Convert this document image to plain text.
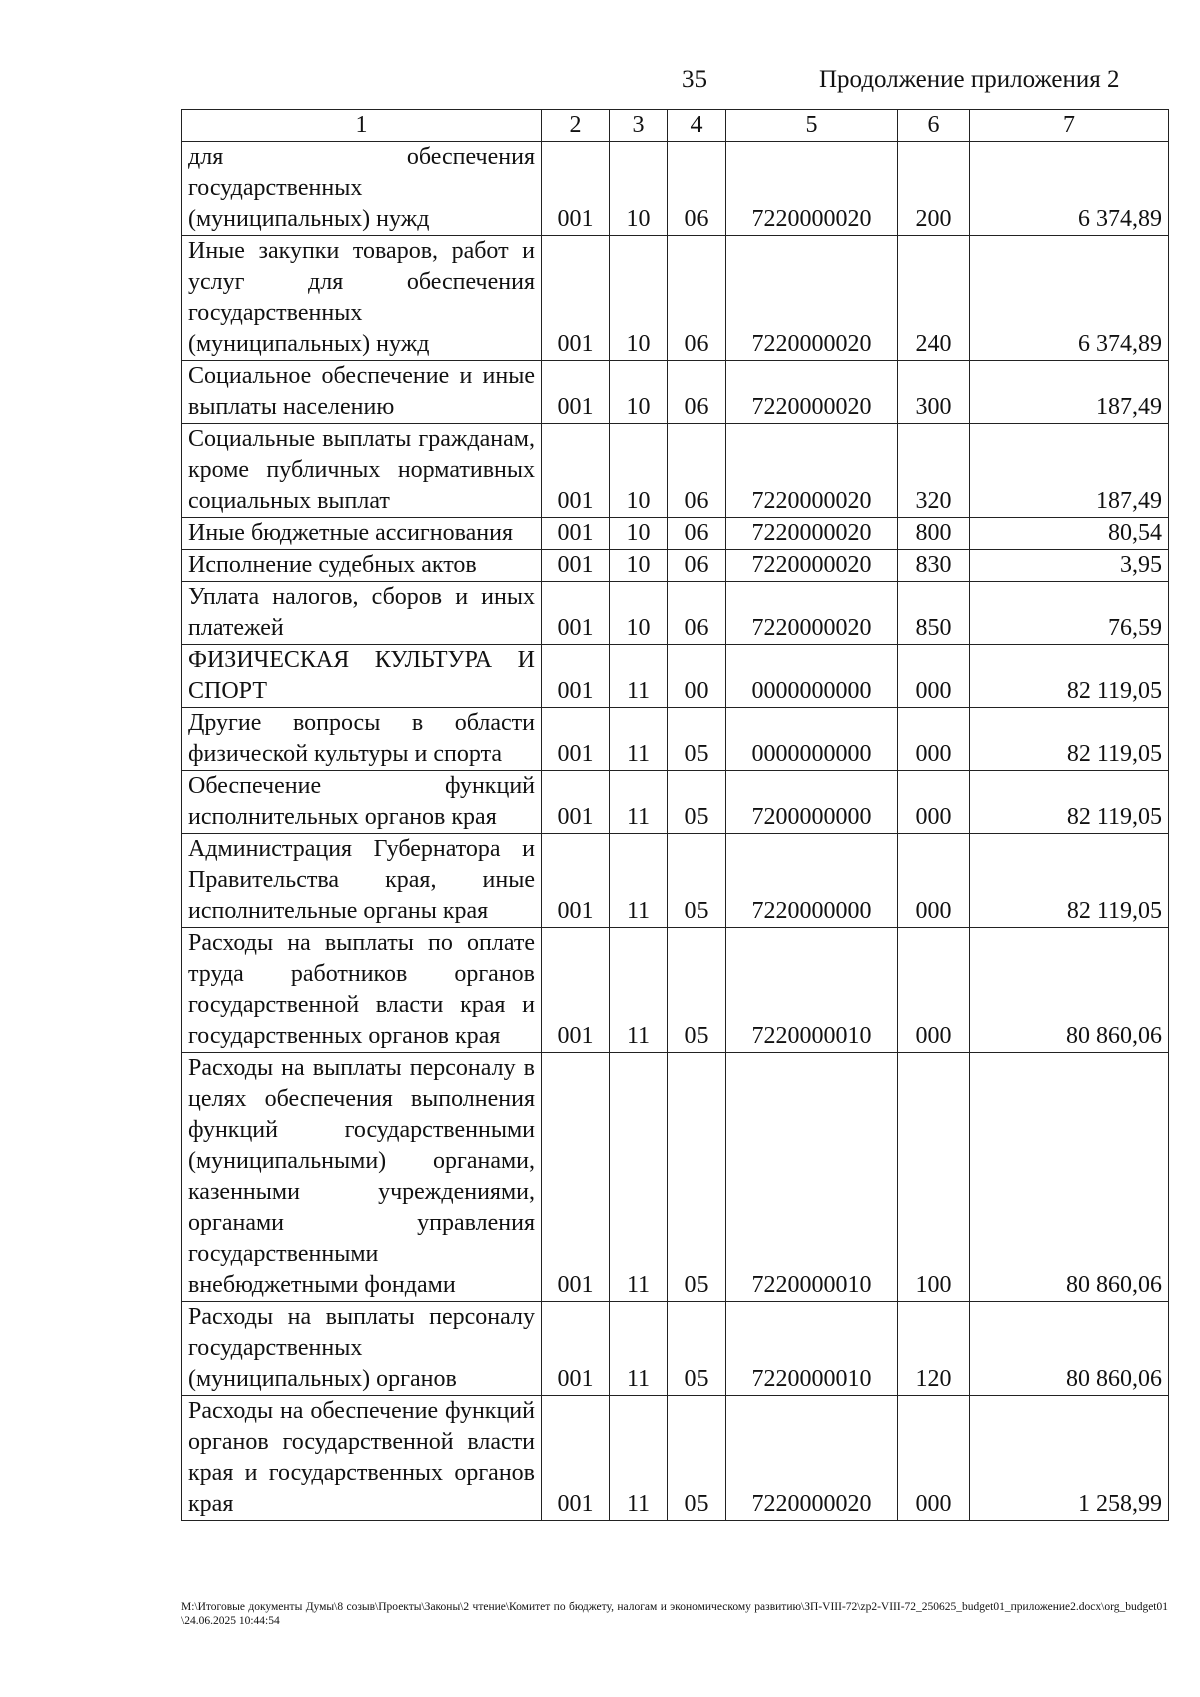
35	Продолжение приложения 2
1	2	3	4	5	6	7
для обеспечения государственных (муниципальных) нужд	001	10	06	7220000020	200	6 374,89
Иные закупки товаров, работ и услуг для обеспечения государственных (муниципальных) нужд	001	10	06	7220000020	240	6 374,89
Социальное обеспечение и иные выплаты населению	001	10	06	7220000020	300	187,49
Социальные выплаты гражданам, кроме публичных нормативных социальных выплат	001	10	06	7220000020	320	187,49
Иные бюджетные ассигнования	001	10	06	7220000020	800	80,54
Исполнение судебных актов	001	10	06	7220000020	830	3,95
Уплата налогов, сборов и иных платежей	001	10	06	7220000020	850	76,59
ФИЗИЧЕСКАЯ КУЛЬТУРА И СПОРТ	001	11	00	0000000000	000	82 119,05
Другие вопросы в области физической культуры и спорта	001	11	05	0000000000	000	82 119,05
Обеспечение функций исполнительных органов края	001	11	05	7200000000	000	82 119,05
Администрация Губернатора и Правительства края, иные исполнительные органы края	001	11	05	7220000000	000	82 119,05
Расходы на выплаты по оплате труда работников органов государственной власти края и государственных органов края	001	11	05	7220000010	000	80 860,06
Расходы на выплаты персоналу в целях обеспечения выполнения функций государственными (муниципальными) органами, казенными учреждениями, органами управления государственными внебюджетными фондами	001	11	05	7220000010	100	80 860,06
Расходы на выплаты персоналу государственных (муниципальных) органов	001	11	05	7220000010	120	80 860,06
Расходы на обеспечение функций органов государственной власти края и государственных органов края	001	11	05	7220000020	000	1 258,99
М:\Итоговые документы Думы\8 созыв\Проекты\Законы\2 чтение\Комитет по бюджету, налогам и экономическому развитию\ЗП-VIII-72\zp2-VIII-72_250625_budget01_приложение2.docx\org_budget01\24.06.2025 10:44:54
